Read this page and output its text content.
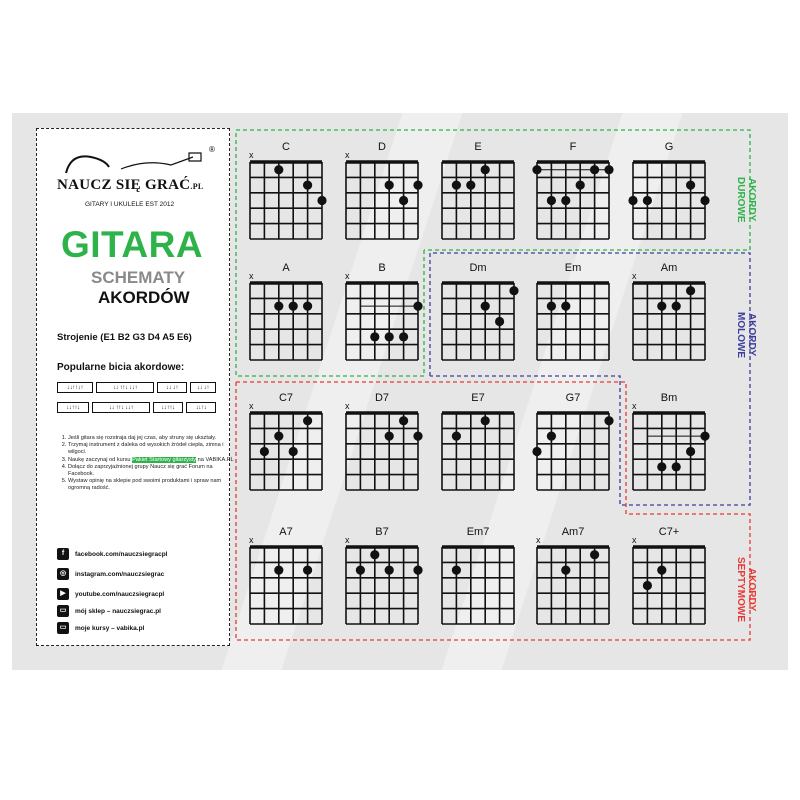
®
NAUCZ SIĘ GRAĆ.PL
GITARY I UKULELE EST 2012
GITARA
SCHEMATY
AKORDÓW
Strojenie (E1 B2 G3 D4 A5 E6)
Popularne bicia akordowe:
↓↓↑↑↓↑	↓↓ ↑↑↓ ↓↓↑	↓↓ ↓↑	↓↓ ↓↑
↓↓↑↑↓	↓↓ ↑↑↓ ↓↓↑	↓↓↑↑↓	↓↓↑↓
1. Jeśli gitara się rozstraja daj jej czas, aby struny się ukształy.
2. Trzymaj instrument z daleka od wysokich źródeł ciepła, zimna i wilgoci.
3. Naukę zaczynaj od kursu Pakiet Startowy gitarzysty na VABIKA.PL
4. Dołącz do zaprzyjaźnionej grupy Naucz się grać Forum na Facebook.
5. Wystaw opinię na sklepie pod swoimi produktami i spraw nam ogromną radość.
f	facebook.com/nauczsiegracpl
◎	instagram.com/nauczsiegrac
▶	youtube.com/nauczsiegracpl
▭	mój sklep – nauczsiegrac.pl
▭	moje kursy – vabika.pl
AKORDY DUROWE
AKORDY MOLOWE
AKORDY SEPTYMOWE
C
x
D
x
E	F	G
A
x
B
x
Dm	Em	Am
x
C7
x
D7
x
E7	G7	Bm
x
A7
x
B7
x
Em7	Am7
x
C7+
x
